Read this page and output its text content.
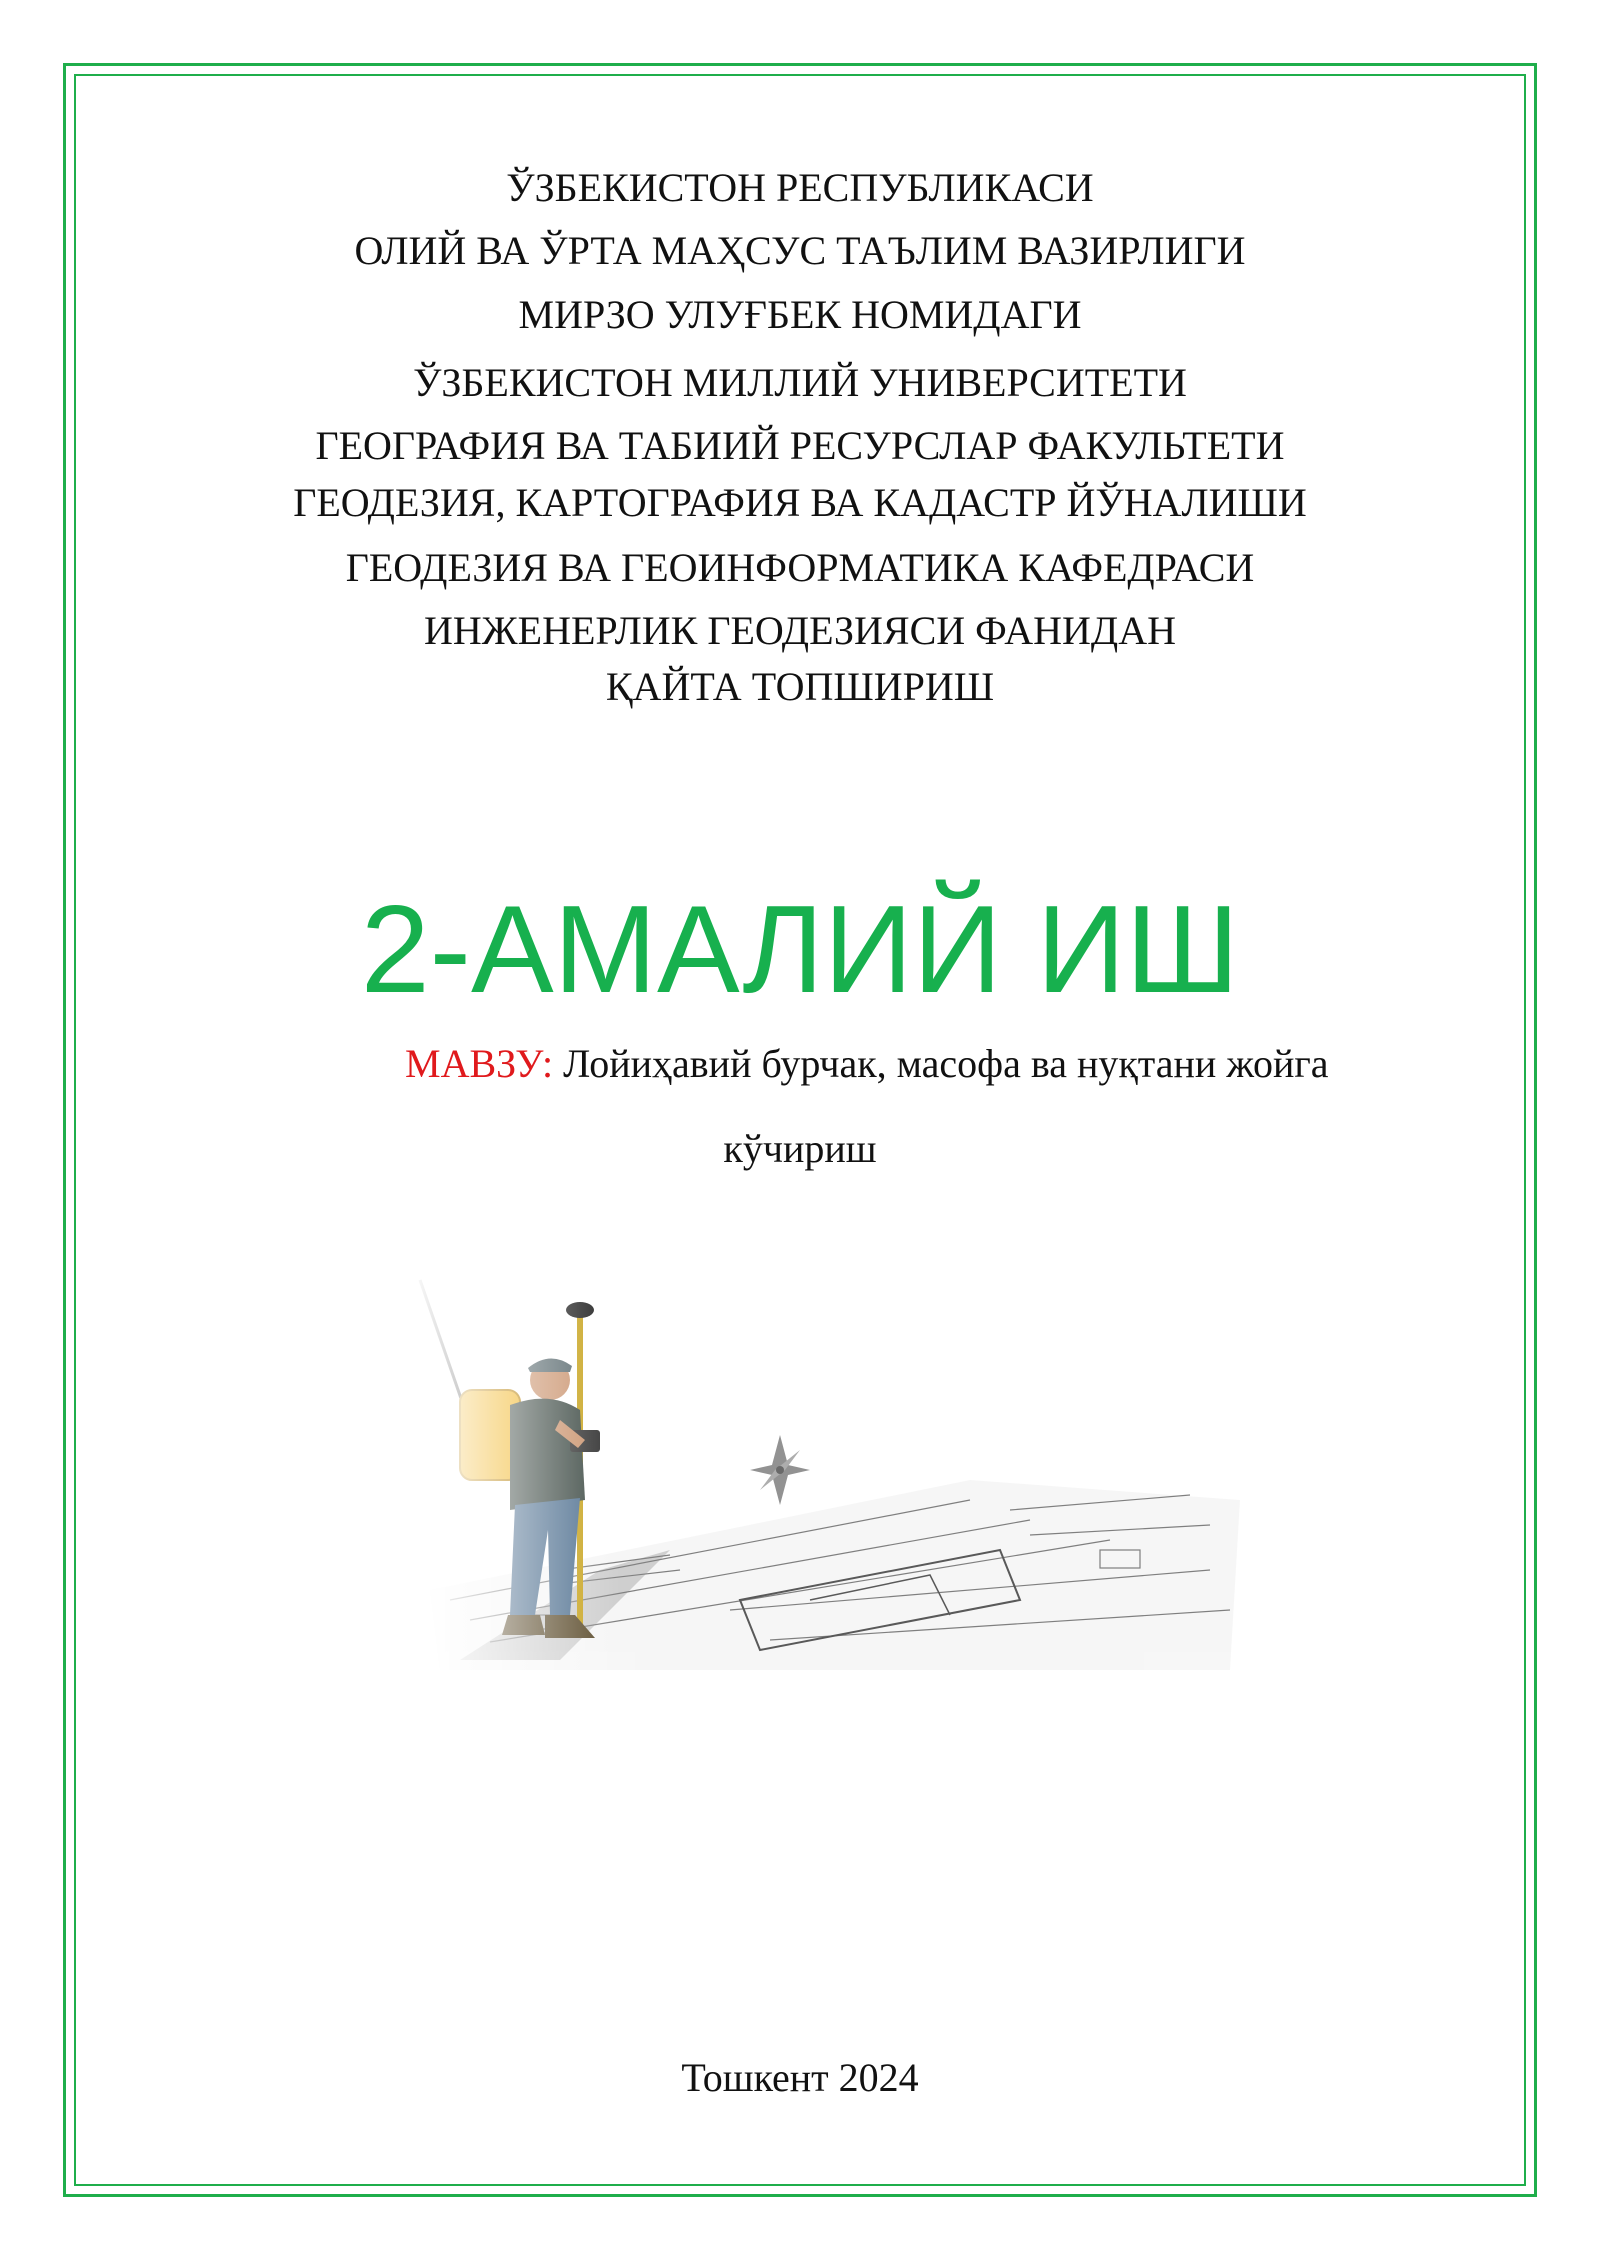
ЎЗБЕКИСТОН РЕСПУБЛИКАСИ
ОЛИЙ ВА ЎРТА МАҲСУС ТАЪЛИМ ВАЗИРЛИГИ
МИРЗО УЛУҒБЕК НОМИДАГИ
ЎЗБЕКИСТОН МИЛЛИЙ УНИВЕРСИТЕТИ
ГЕОГРАФИЯ ВА ТАБИИЙ РЕСУРСЛАР ФАКУЛЬТЕТИ
ГЕОДЕЗИЯ, КАРТОГРАФИЯ ВА КАДАСТР ЙЎНАЛИШИ
ГЕОДЕЗИЯ ВА ГЕОИНФОРМАТИКА КАФЕДРАСИ
ИНЖЕНЕРЛИК ГЕОДЕЗИЯСИ ФАНИДАН
ҚАЙТА ТОПШИРИШ
2-АМАЛИЙ ИШ
МАВЗУ: Лойиҳавий бурчак, масофа ва нуқтани жойга
кўчириш
Тошкент 2024
